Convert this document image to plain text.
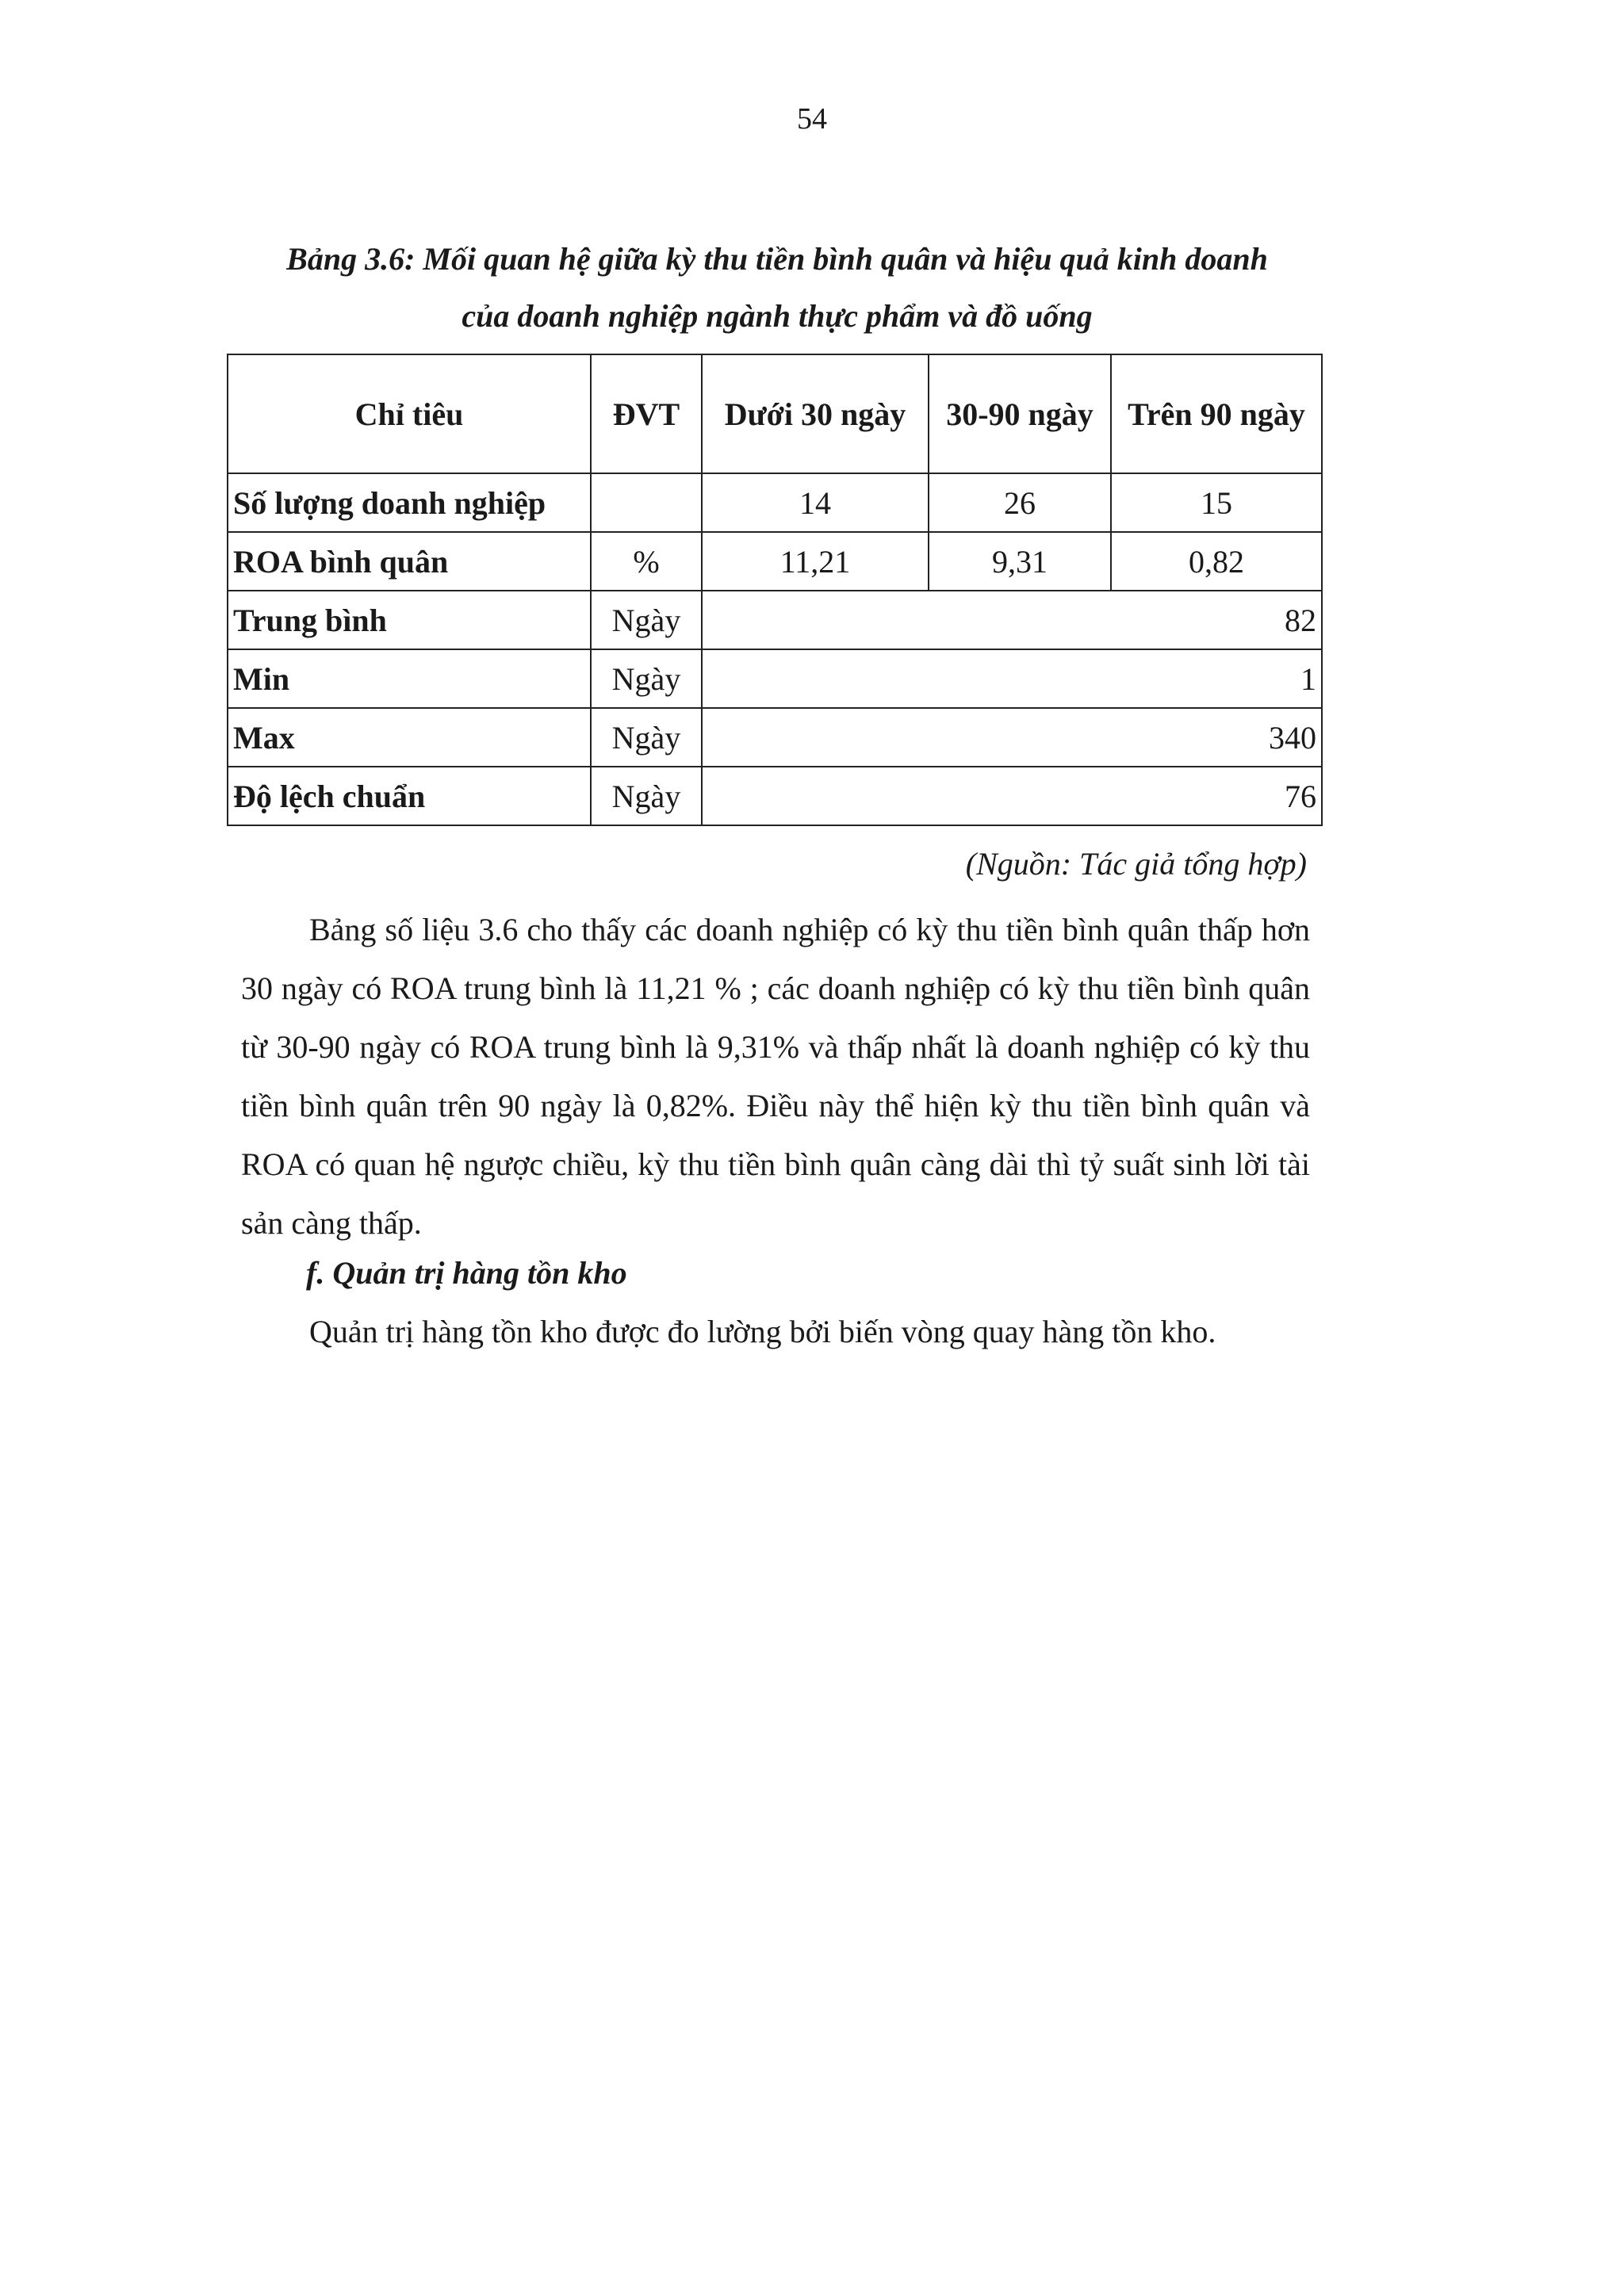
54
Bảng 3.6: Mối quan hệ giữa kỳ thu tiền bình quân và hiệu quả kinh doanh
của doanh nghiệp ngành thực phẩm và đồ uống
Chỉ tiêu	ĐVT	Dưới 30 ngày	30-90 ngày	Trên 90 ngày
Số lượng doanh nghiệp		14	26	15
ROA bình quân	%	11,21	9,31	0,82
Trung bình	Ngày	82		
Min	Ngày	1		
Max	Ngày	340		
Độ lệch chuẩn	Ngày	76		
(Nguồn: Tác giả tổng hợp)

Bảng số liệu 3.6 cho thấy các doanh nghiệp có kỳ thu tiền bình quân thấp hơn 30 ngày có ROA trung bình là 11,21 % ; các doanh nghiệp có kỳ thu tiền bình quân từ 30-90 ngày có ROA trung bình là 9,31% và thấp nhất là doanh nghiệp có kỳ thu tiền bình quân trên 90 ngày là 0,82%. Điều này thể hiện kỳ thu tiền bình quân và ROA có quan hệ ngược chiều, kỳ thu tiền bình quân càng dài thì tỷ suất sinh lời tài sản càng thấp.

f. Quản trị hàng tồn kho

Quản trị hàng tồn kho được đo lường bởi biến vòng quay hàng tồn kho.
